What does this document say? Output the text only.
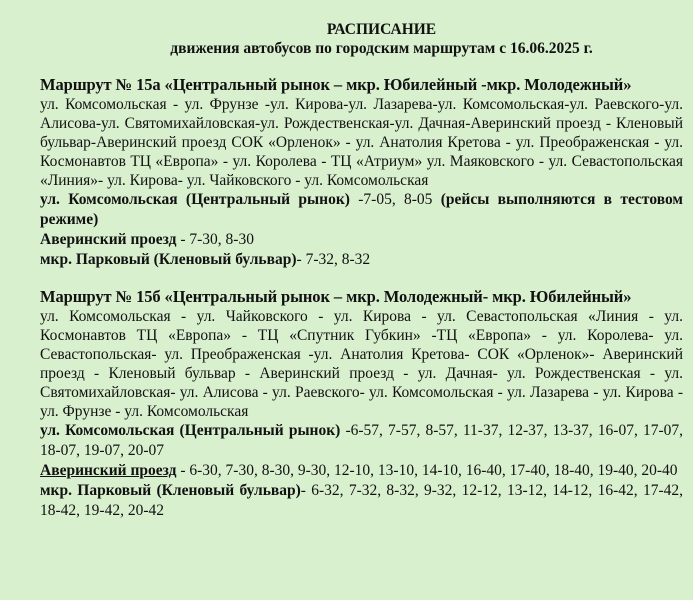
РАСПИСАНИЕ
движения автобусов по городским маршрутам с 16.06.2025 г.
Маршрут № 15а «Центральный рынок – мкр. Юбилейный -мкр. Молодежный»
ул. Комсомольская - ул. Фрунзе -ул. Кирова-ул. Лазарева-ул. Комсомольская-ул. Раевского-ул. Алисова-ул. Святомихайловская-ул. Рождественская-ул. Дачная-Аверинский проезд - Кленовый бульвар-Аверинский проезд СОК «Орленок» - ул. Анатолия Кретова - ул. Преображенская - ул. Космонавтов ТЦ «Европа» - ул. Королева - ТЦ «Атриум» ул. Маяковского - ул. Севастопольская «Линия»- ул. Кирова- ул. Чайковского - ул. Комсомольская
ул. Комсомольская (Центральный рынок) -7-05, 8-05 (рейсы выполняются в тестовом режиме)
Аверинский проезд - 7-30, 8-30
мкр. Парковый (Кленовый бульвар)- 7-32, 8-32
Маршрут № 15б «Центральный рынок – мкр. Молодежный- мкр. Юбилейный»
ул. Комсомольская - ул. Чайковского - ул. Кирова - ул. Севастопольская «Линия - ул. Космонавтов ТЦ «Европа» - ТЦ «Спутник Губкин» -ТЦ «Европа» - ул. Королева- ул. Севастопольская- ул. Преображенская -ул. Анатолия Кретова- СОК «Орленок»- Аверинский проезд - Кленовый бульвар - Аверинский проезд - ул. Дачная- ул. Рождественская - ул. Святомихайловская- ул. Алисова - ул. Раевского- ул. Комсомольская - ул. Лазарева - ул. Кирова - ул. Фрунзе - ул. Комсомольская
ул. Комсомольская (Центральный рынок) -6-57, 7-57, 8-57, 11-37, 12-37, 13-37, 16-07, 17-07, 18-07, 19-07, 20-07
Аверинский проезд - 6-30, 7-30, 8-30, 9-30, 12-10, 13-10, 14-10, 16-40, 17-40, 18-40, 19-40, 20-40
мкр. Парковый (Кленовый бульвар)- 6-32, 7-32, 8-32, 9-32, 12-12, 13-12, 14-12, 16-42, 17-42, 18-42, 19-42, 20-42
